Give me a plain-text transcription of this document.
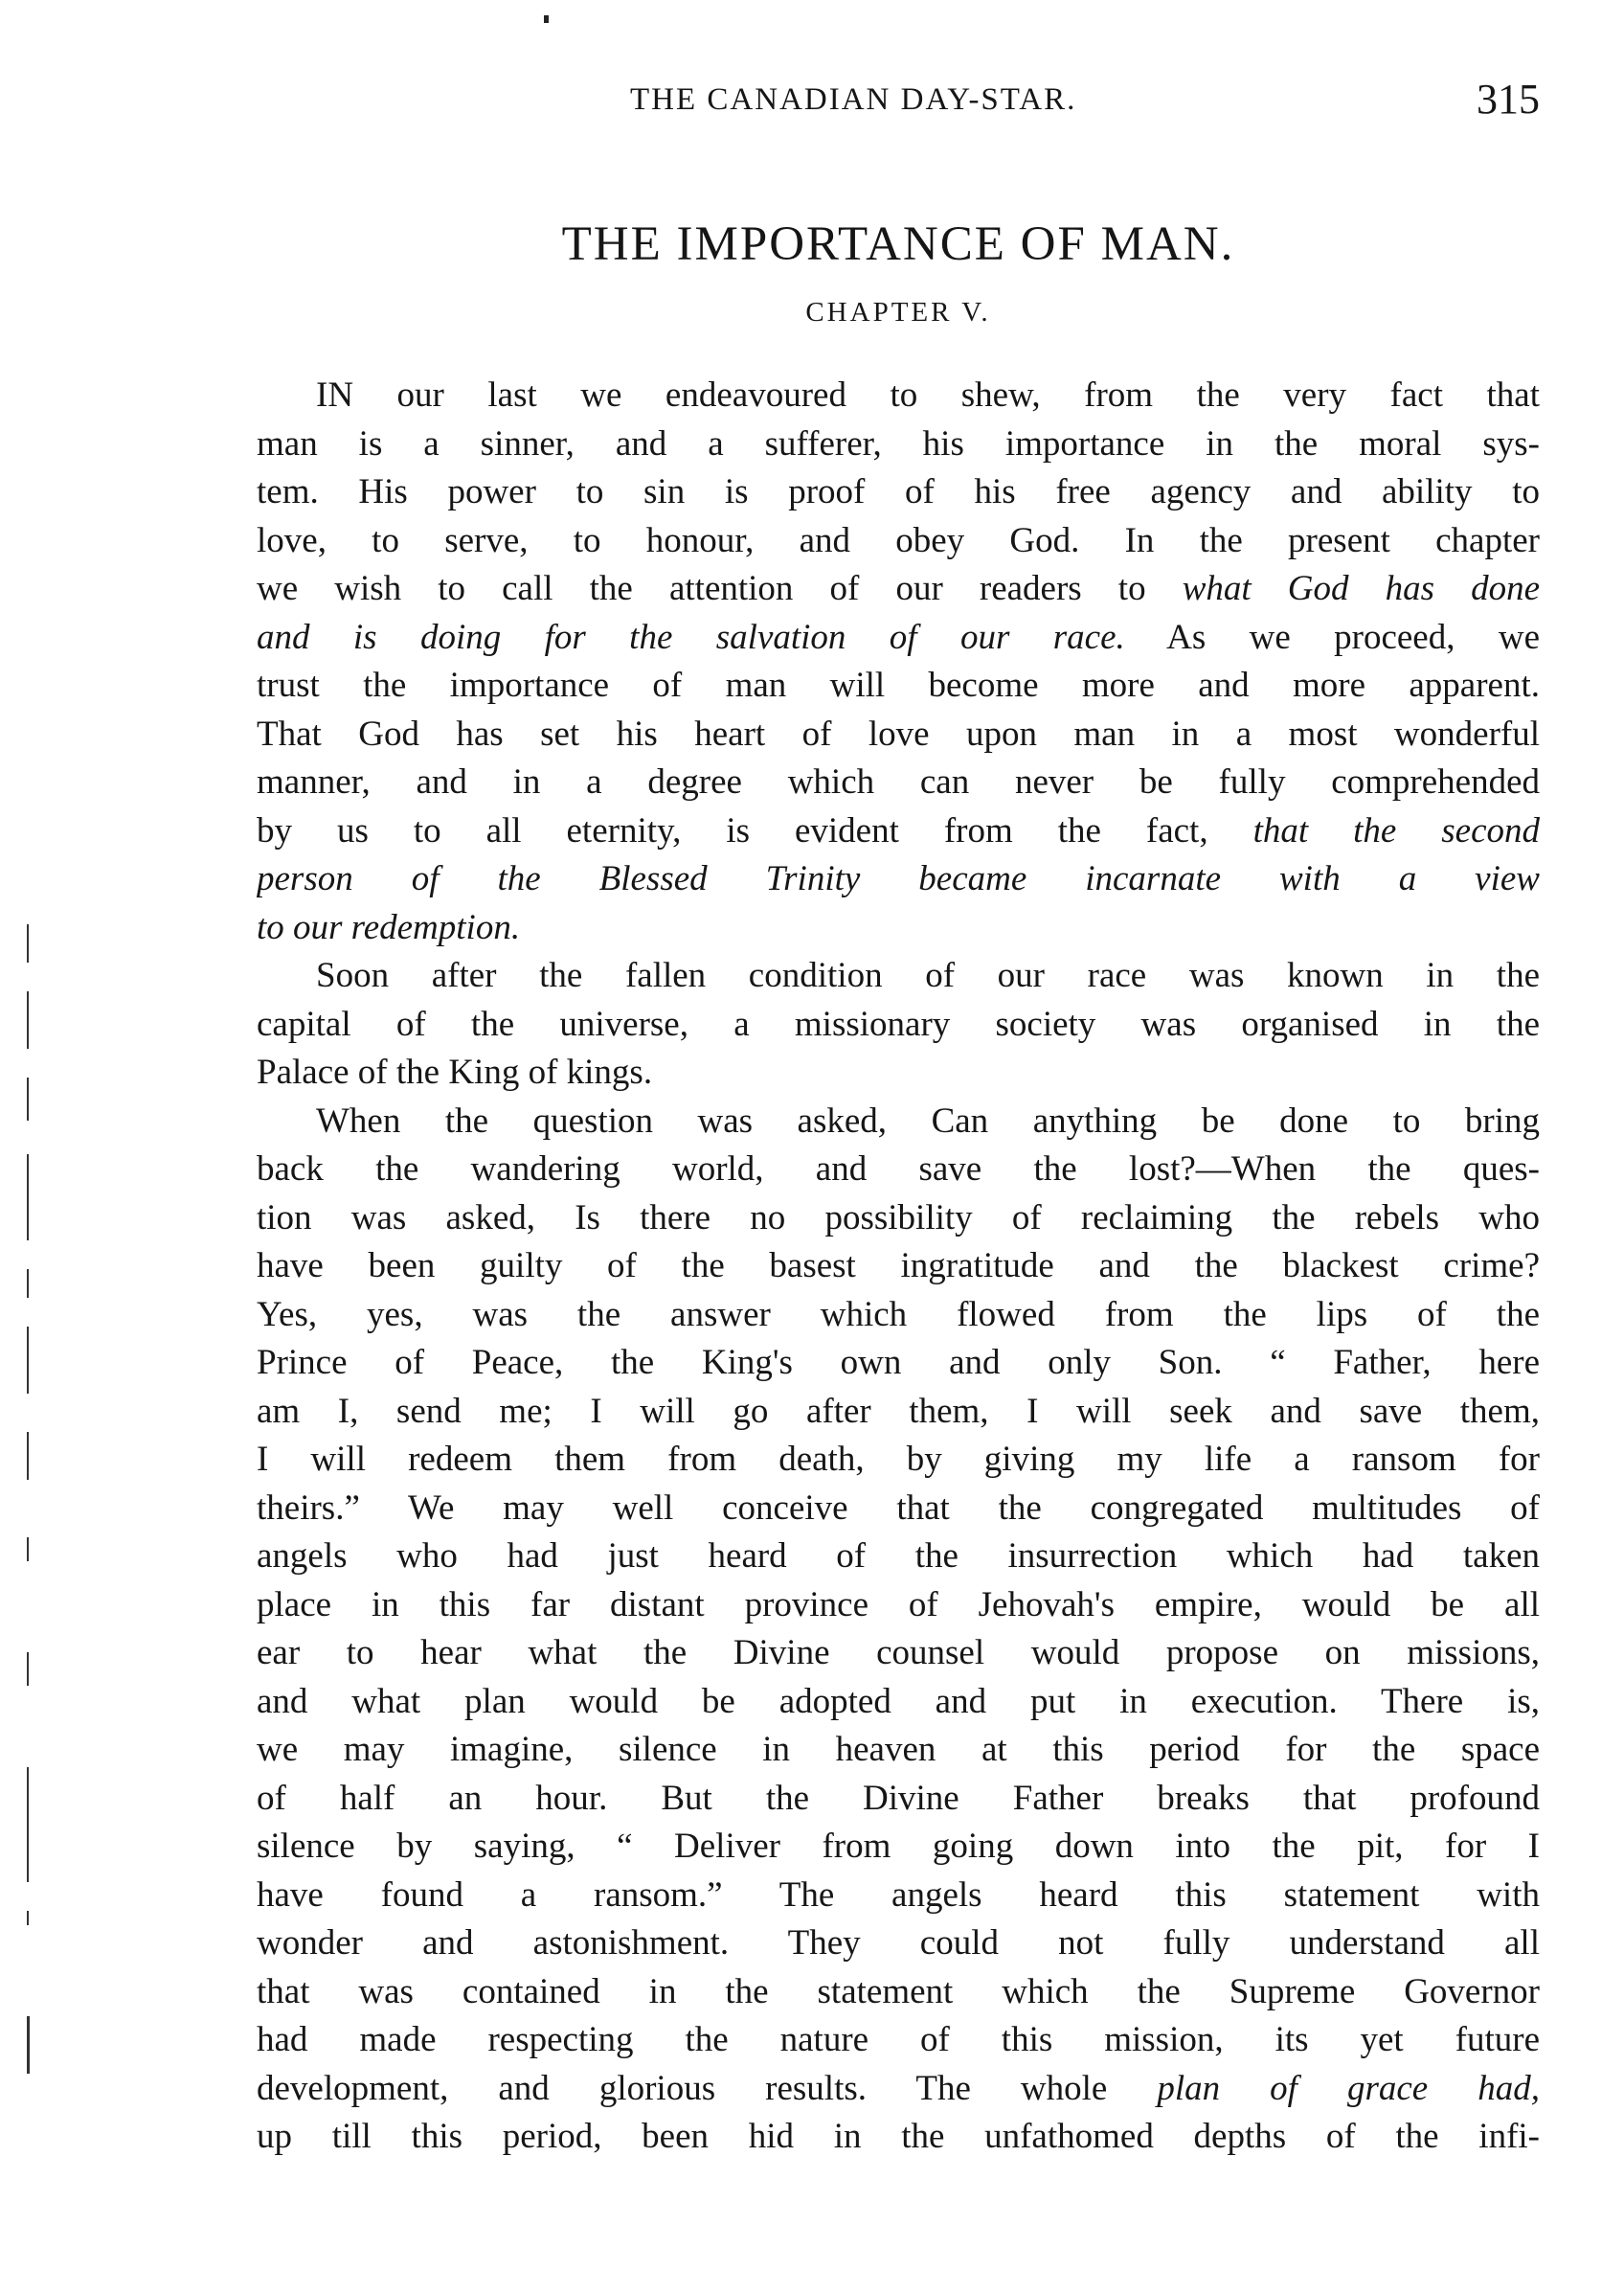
THE CANADIAN DAY-STAR.	315
THE IMPORTANCE OF MAN.
CHAPTER V.
IN our last we endeavoured to shew, from the very fact that
man is a sinner, and a sufferer, his importance in the moral sys-
tem. His power to sin is proof of his free agency and ability to
love, to serve, to honour, and obey God. In the present chapter
we wish to call the attention of our readers to what God has done
and is doing for the salvation of our race. As we proceed, we
trust the importance of man will become more and more apparent.
That God has set his heart of love upon man in a most wonderful
manner, and in a degree which can never be fully comprehended
by us to all eternity, is evident from the fact, that the second
person of the Blessed Trinity became incarnate with a view
to our redemption.
Soon after the fallen condition of our race was known in the
capital of the universe, a missionary society was organised in the
Palace of the King of kings.
When the question was asked, Can anything be done to bring
back the wandering world, and save the lost?—When the ques-
tion was asked, Is there no possibility of reclaiming the rebels who
have been guilty of the basest ingratitude and the blackest crime?
Yes, yes, was the answer which flowed from the lips of the
Prince of Peace, the King's own and only Son. “ Father, here
am I, send me; I will go after them, I will seek and save them,
I will redeem them from death, by giving my life a ransom for
theirs.” We may well conceive that the congregated multitudes of
angels who had just heard of the insurrection which had taken
place in this far distant province of Jehovah's empire, would be all
ear to hear what the Divine counsel would propose on missions,
and what plan would be adopted and put in execution. There is,
we may imagine, silence in heaven at this period for the space
of half an hour. But the Divine Father breaks that profound
silence by saying, “ Deliver from going down into the pit, for I
have found a ransom.” The angels heard this statement with
wonder and astonishment. They could not fully understand all
that was contained in the statement which the Supreme Governor
had made respecting the nature of this mission, its yet future
development, and glorious results. The whole plan of grace had,
up till this period, been hid in the unfathomed depths of the infi-
